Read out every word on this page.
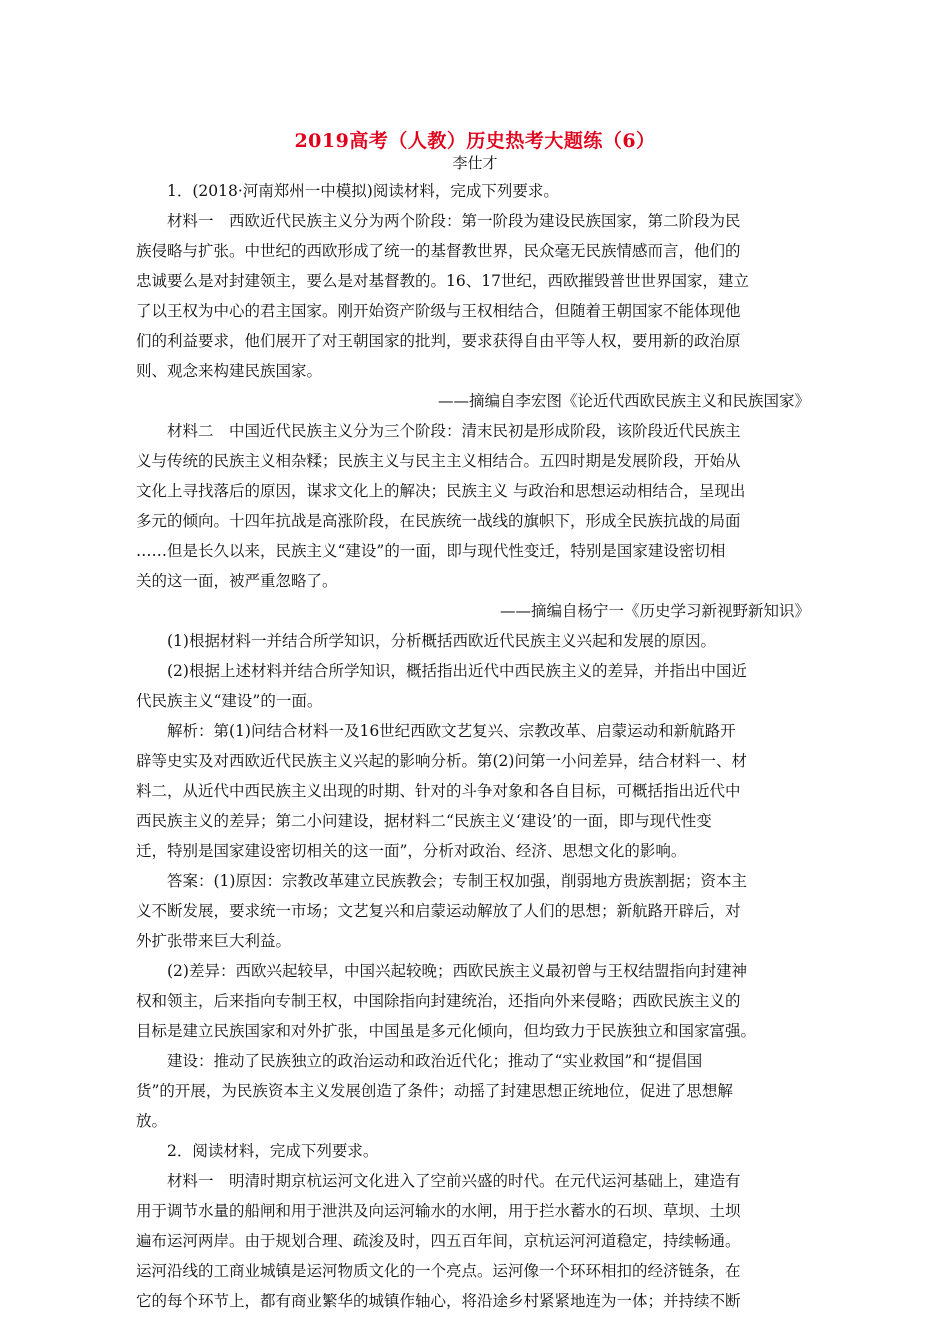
2019高考（人教）历史热考大题练（6）
李仕才
1．(2018·河南郑州一中模拟)阅读材料，完成下列要求。
材料一　西欧近代民族主义分为两个阶段：第一阶段为建设民族国家，第二阶段为民
族侵略与扩张。中世纪的西欧形成了统一的基督教世界，民众毫无民族情感而言，他们的
忠诚要么是对封建领主，要么是对基督教的。16、17世纪，西欧摧毁普世世界国家，建立
了以王权为中心的君主国家。刚开始资产阶级与王权相结合，但随着王朝国家不能体现他
们的利益要求，他们展开了对王朝国家的批判，要求获得自由平等人权，要用新的政治原
则、观念来构建民族国家。
——摘编自李宏图《论近代西欧民族主义和民族国家》
材料二　中国近代民族主义分为三个阶段：清末民初是形成阶段，该阶段近代民族主
义与传统的民族主义相杂糅；民族主义与民主主义相结合。五四时期是发展阶段，开始从
文化上寻找落后的原因，谋求文化上的解决；民族主义 与政治和思想运动相结合，呈现出
多元的倾向。十四年抗战是高涨阶段，在民族统一战线的旗帜下，形成全民族抗战的局面
……但是长久以来，民族主义“建设”的一面，即与现代性变迁，特别是国家建设密切相
关的这一面，被严重忽略了。
——摘编自杨宁一《历史学习新视野新知识》
(1)根据材料一并结合所学知识，分析概括西欧近代民族主义兴起和发展的原因。
(2)根据上述材料并结合所学知识，概括指出近代中西民族主义的差异，并指出中国近
代民族主义“建设”的一面。
解析：第(1)问结合材料一及16世纪西欧文艺复兴、宗教改革、启蒙运动和新航路开
辟等史实及对西欧近代民族主义兴起的影响分析。第(2)问第一小问差异，结合材料一、材
料二，从近代中西民族主义出现的时期、针对的斗争对象和各自目标，可概括指出近代中
西民族主义的差异；第二小问建设，据材料二“民族主义‘建设’的一面，即与现代性变
迁，特别是国家建设密切相关的这一面”，分析对政治、经济、思想文化的影响。
答案：(1)原因：宗教改革建立民族教会；专制王权加强，削弱地方贵族割据；资本主
义不断发展，要求统一市场；文艺复兴和启蒙运动解放了人们的思想；新航路开辟后，对
外扩张带来巨大利益。
(2)差异：西欧兴起较早，中国兴起较晚；西欧民族主义最初曾与王权结盟指向封建神
权和领主，后来指向专制王权，中国除指向封建统治，还指向外来侵略；西欧民族主义的
目标是建立民族国家和对外扩张，中国虽是多元化倾向，但均致力于民族独立和国家富强。
建设：推动了民族独立的政治运动和政治近代化；推动了“实业救国”和“提倡国
货”的开展，为民族资本主义发展创造了条件；动摇了封建思想正统地位，促进了思想解
放。
2．阅读材料，完成下列要求。
材料一　明清时期京杭运河文化进入了空前兴盛的时代。在元代运河基础上，建造有
用于调节水量的船闸和用于泄洪及向运河输水的水闸，用于拦水蓄水的石坝、草坝、土坝
遍布运河两岸。由于规划合理、疏浚及时，四五百年间，京杭运河河道稳定，持续畅通。
运河沿线的工商业城镇是运河物质文化的一个亮点。运河像一个环环相扣的经济链条，在
它的每个环节上，都有商业繁华的城镇作轴心，将沿途乡村紧紧地连为一体；并持续不断
